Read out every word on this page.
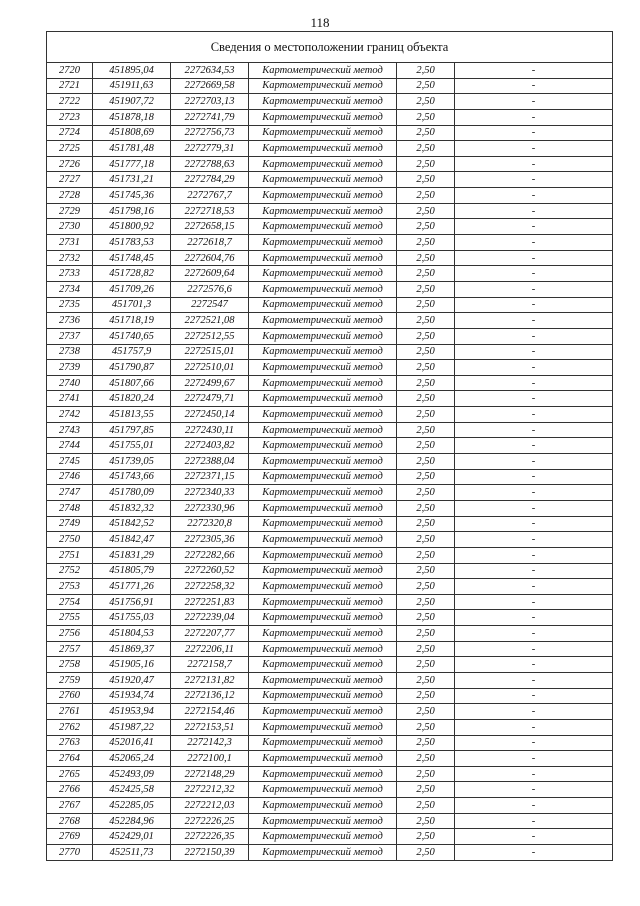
118
Сведения о местоположении границ объекта					
2720	451895,04	2272634,53	Картометрический метод	2,50	-
2721	451911,63	2272669,58	Картометрический метод	2,50	-
2722	451907,72	2272703,13	Картометрический метод	2,50	-
2723	451878,18	2272741,79	Картометрический метод	2,50	-
2724	451808,69	2272756,73	Картометрический метод	2,50	-
2725	451781,48	2272779,31	Картометрический метод	2,50	-
2726	451777,18	2272788,63	Картометрический метод	2,50	-
2727	451731,21	2272784,29	Картометрический метод	2,50	-
2728	451745,36	2272767,7	Картометрический метод	2,50	-
2729	451798,16	2272718,53	Картометрический метод	2,50	-
2730	451800,92	2272658,15	Картометрический метод	2,50	-
2731	451783,53	2272618,7	Картометрический метод	2,50	-
2732	451748,45	2272604,76	Картометрический метод	2,50	-
2733	451728,82	2272609,64	Картометрический метод	2,50	-
2734	451709,26	2272576,6	Картометрический метод	2,50	-
2735	451701,3	2272547	Картометрический метод	2,50	-
2736	451718,19	2272521,08	Картометрический метод	2,50	-
2737	451740,65	2272512,55	Картометрический метод	2,50	-
2738	451757,9	2272515,01	Картометрический метод	2,50	-
2739	451790,87	2272510,01	Картометрический метод	2,50	-
2740	451807,66	2272499,67	Картометрический метод	2,50	-
2741	451820,24	2272479,71	Картометрический метод	2,50	-
2742	451813,55	2272450,14	Картометрический метод	2,50	-
2743	451797,85	2272430,11	Картометрический метод	2,50	-
2744	451755,01	2272403,82	Картометрический метод	2,50	-
2745	451739,05	2272388,04	Картометрический метод	2,50	-
2746	451743,66	2272371,15	Картометрический метод	2,50	-
2747	451780,09	2272340,33	Картометрический метод	2,50	-
2748	451832,32	2272330,96	Картометрический метод	2,50	-
2749	451842,52	2272320,8	Картометрический метод	2,50	-
2750	451842,47	2272305,36	Картометрический метод	2,50	-
2751	451831,29	2272282,66	Картометрический метод	2,50	-
2752	451805,79	2272260,52	Картометрический метод	2,50	-
2753	451771,26	2272258,32	Картометрический метод	2,50	-
2754	451756,91	2272251,83	Картометрический метод	2,50	-
2755	451755,03	2272239,04	Картометрический метод	2,50	-
2756	451804,53	2272207,77	Картометрический метод	2,50	-
2757	451869,37	2272206,11	Картометрический метод	2,50	-
2758	451905,16	2272158,7	Картометрический метод	2,50	-
2759	451920,47	2272131,82	Картометрический метод	2,50	-
2760	451934,74	2272136,12	Картометрический метод	2,50	-
2761	451953,94	2272154,46	Картометрический метод	2,50	-
2762	451987,22	2272153,51	Картометрический метод	2,50	-
2763	452016,41	2272142,3	Картометрический метод	2,50	-
2764	452065,24	2272100,1	Картометрический метод	2,50	-
2765	452493,09	2272148,29	Картометрический метод	2,50	-
2766	452425,58	2272212,32	Картометрический метод	2,50	-
2767	452285,05	2272212,03	Картометрический метод	2,50	-
2768	452284,96	2272226,25	Картометрический метод	2,50	-
2769	452429,01	2272226,35	Картометрический метод	2,50	-
2770	452511,73	2272150,39	Картометрический метод	2,50	-
